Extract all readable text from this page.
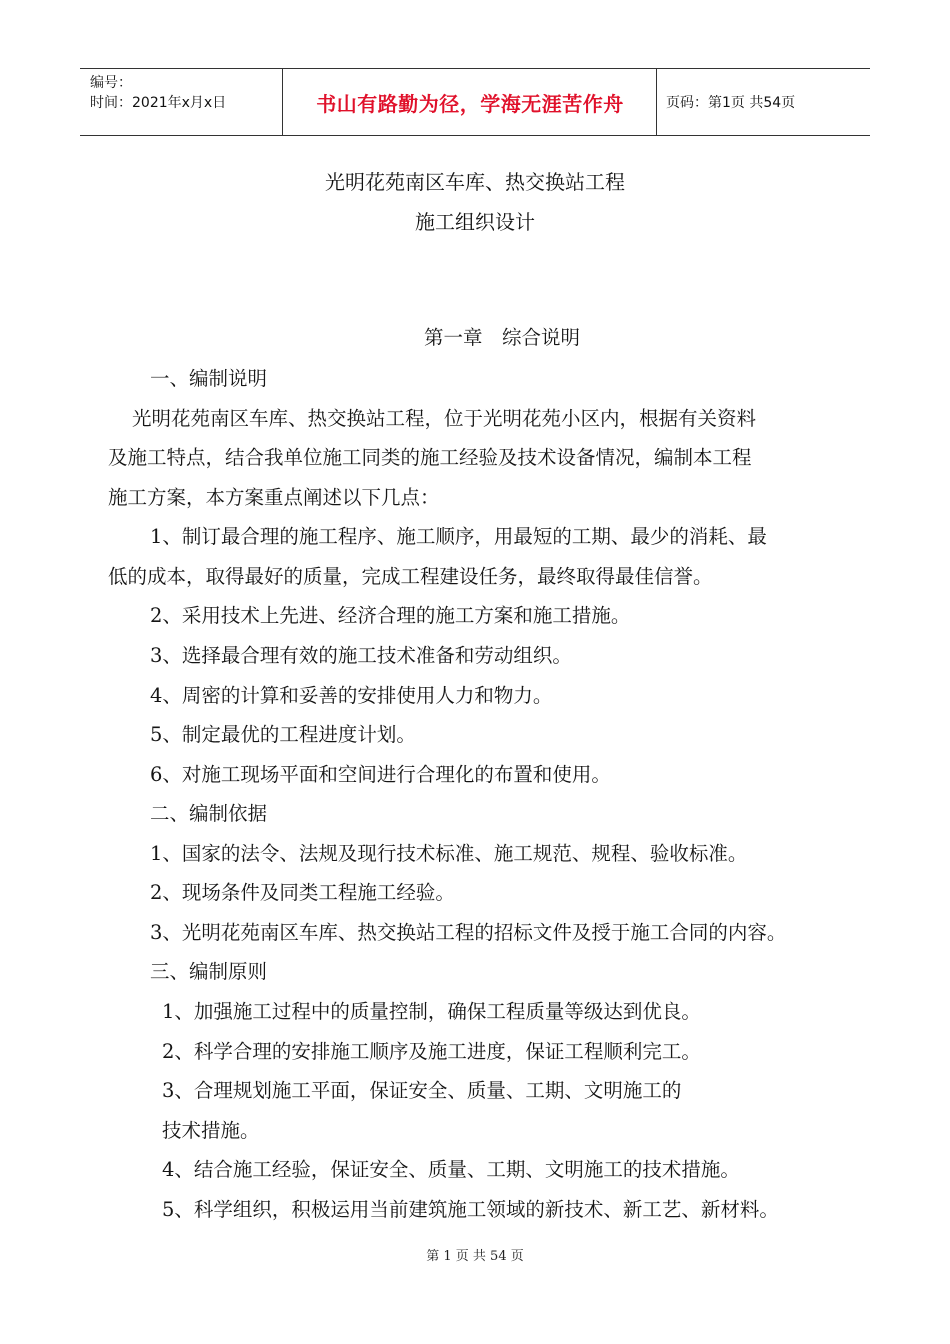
编号：
时间：2021年x月x日	书山有路勤为径，学海无涯苦作舟	页码：第1页 共54页
光明花苑南区车库、热交换站工程
施工组织设计
第一章　综合说明
一、编制说明
光明花苑南区车库、热交换站工程，位于光明花苑小区内，根据有关资料
及施工特点，结合我单位施工同类的施工经验及技术设备情况，编制本工程
施工方案，本方案重点阐述以下几点：
1、制订最合理的施工程序、施工顺序，用最短的工期、最少的消耗、最
低的成本，取得最好的质量，完成工程建设任务，最终取得最佳信誉。
2、采用技术上先进、经济合理的施工方案和施工措施。
3、选择最合理有效的施工技术准备和劳动组织。
4、周密的计算和妥善的安排使用人力和物力。
5、制定最优的工程进度计划。
6、对施工现场平面和空间进行合理化的布置和使用。
二、编制依据
1、国家的法令、法规及现行技术标准、施工规范、规程、验收标准。
2、现场条件及同类工程施工经验。
3、光明花苑南区车库、热交换站工程的招标文件及授于施工合同的内容。
三、编制原则
1、加强施工过程中的质量控制，确保工程质量等级达到优良。
2、科学合理的安排施工顺序及施工进度，保证工程顺利完工。
3、合理规划施工平面，保证安全、质量、工期、文明施工的
技术措施。
4、结合施工经验，保证安全、质量、工期、文明施工的技术措施。
5、科学组织，积极运用当前建筑施工领域的新技术、新工艺、新材料。
第 1 页 共 54 页
